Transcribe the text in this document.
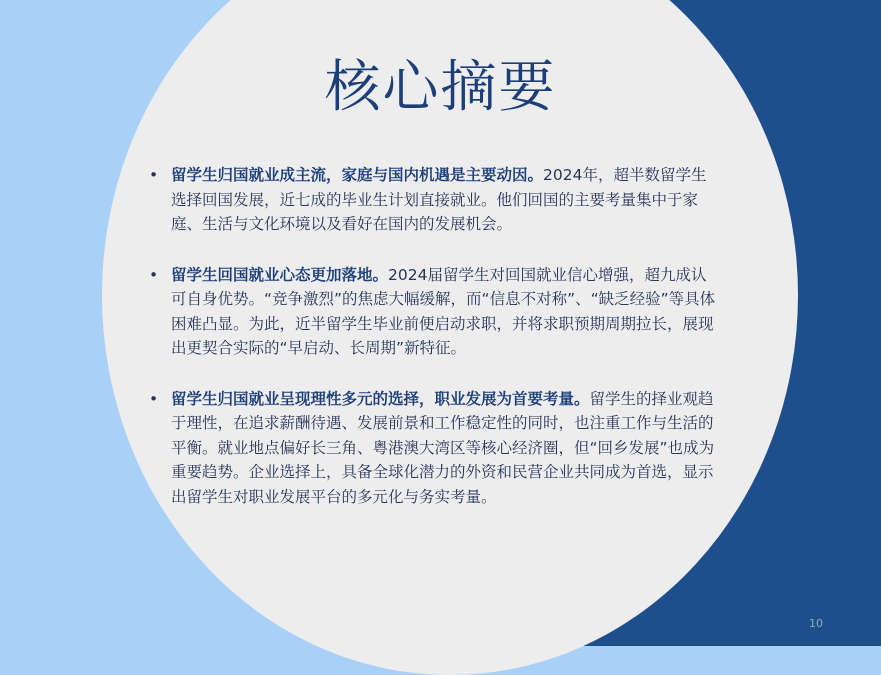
核心摘要
• 留学生归国就业成主流，家庭与国内机遇是主要动因。2024年，超半数留学生选择回国发展，近七成的毕业生计划直接就业。他们回国的主要考量集中于家庭、生活与文化环境以及看好在国内的发展机会。
• 留学生回国就业心态更加落地。2024届留学生对回国就业信心增强，超九成认可自身优势。“竞争激烈”的焦虑大幅缓解，而“信息不对称”、“缺乏经验”等具体困难凸显。为此，近半留学生毕业前便启动求职，并将求职预期周期拉长，展现出更契合实际的“早启动、长周期”新特征。
• 留学生归国就业呈现理性多元的选择，职业发展为首要考量。留学生的择业观趋于理性，在追求薪酬待遇、发展前景和工作稳定性的同时，也注重工作与生活的平衡。就业地点偏好长三角、粤港澳大湾区等核心经济圈，但“回乡发展”也成为重要趋势。企业选择上，具备全球化潜力的外资和民营企业共同成为首选，显示出留学生对职业发展平台的多元化与务实考量。
10
